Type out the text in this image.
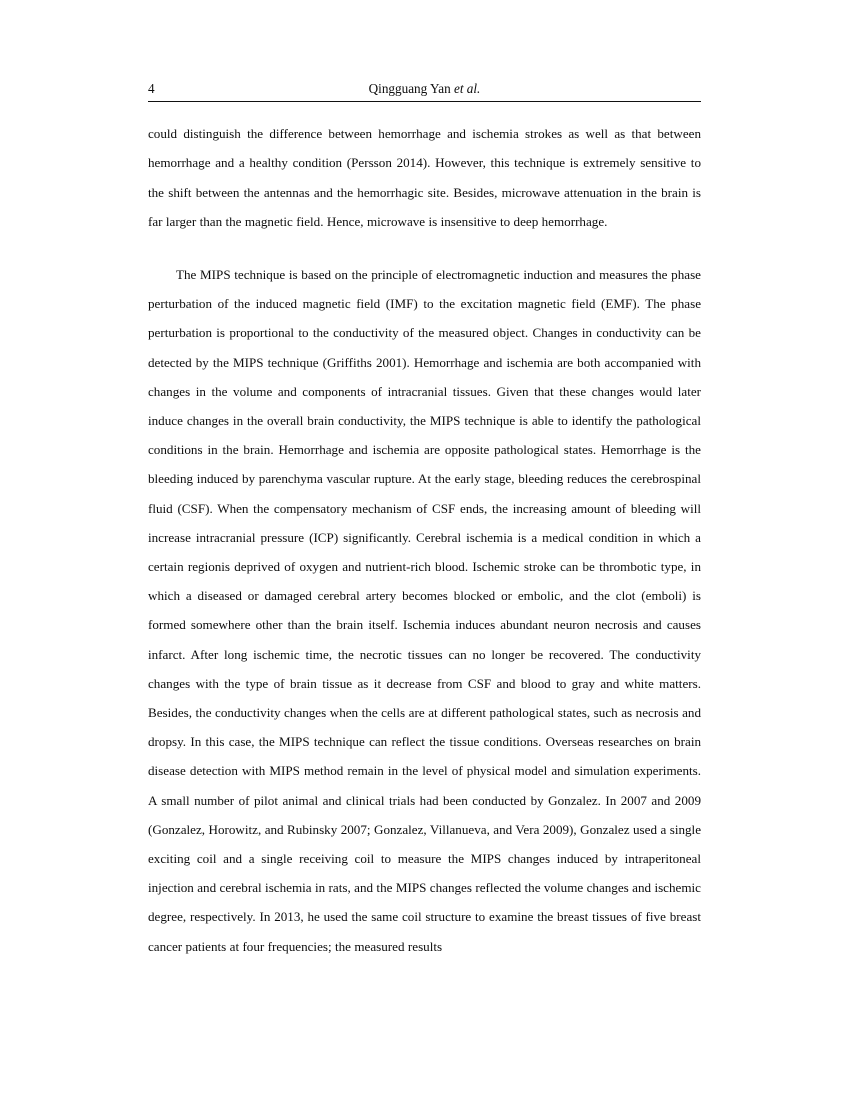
4	Qingguang Yan et al.

could distinguish the difference between hemorrhage and ischemia strokes as well as that between hemorrhage and a healthy condition (Persson 2014). However, this technique is extremely sensitive to the shift between the antennas and the hemorrhagic site. Besides, microwave attenuation in the brain is far larger than the magnetic field. Hence, microwave is insensitive to deep hemorrhage.

The MIPS technique is based on the principle of electromagnetic induction and measures the phase perturbation of the induced magnetic field (IMF) to the excitation magnetic field (EMF). The phase perturbation is proportional to the conductivity of the measured object. Changes in conductivity can be detected by the MIPS technique (Griffiths 2001). Hemorrhage and ischemia are both accompanied with changes in the volume and components of intracranial tissues. Given that these changes would later induce changes in the overall brain conductivity, the MIPS technique is able to identify the pathological conditions in the brain. Hemorrhage and ischemia are opposite pathological states. Hemorrhage is the bleeding induced by parenchyma vascular rupture. At the early stage, bleeding reduces the cerebrospinal fluid (CSF). When the compensatory mechanism of CSF ends, the increasing amount of bleeding will increase intracranial pressure (ICP) significantly. Cerebral ischemia is a medical condition in which a certain regionis deprived of oxygen and nutrient-rich blood. Ischemic stroke can be thrombotic type, in which a diseased or damaged cerebral artery becomes blocked or embolic, and the clot (emboli) is formed somewhere other than the brain itself. Ischemia induces abundant neuron necrosis and causes infarct. After long ischemic time, the necrotic tissues can no longer be recovered. The conductivity changes with the type of brain tissue as it decrease from CSF and blood to gray and white matters. Besides, the conductivity changes when the cells are at different pathological states, such as necrosis and dropsy. In this case, the MIPS technique can reflect the tissue conditions. Overseas researches on brain disease detection with MIPS method remain in the level of physical model and simulation experiments. A small number of pilot animal and clinical trials had been conducted by Gonzalez. In 2007 and 2009 (Gonzalez, Horowitz, and Rubinsky 2007; Gonzalez, Villanueva, and Vera 2009), Gonzalez used a single exciting coil and a single receiving coil to measure the MIPS changes induced by intraperitoneal injection and cerebral ischemia in rats, and the MIPS changes reflected the volume changes and ischemic degree, respectively. In 2013, he used the same coil structure to examine the breast tissues of five breast cancer patients at four frequencies; the measured results
